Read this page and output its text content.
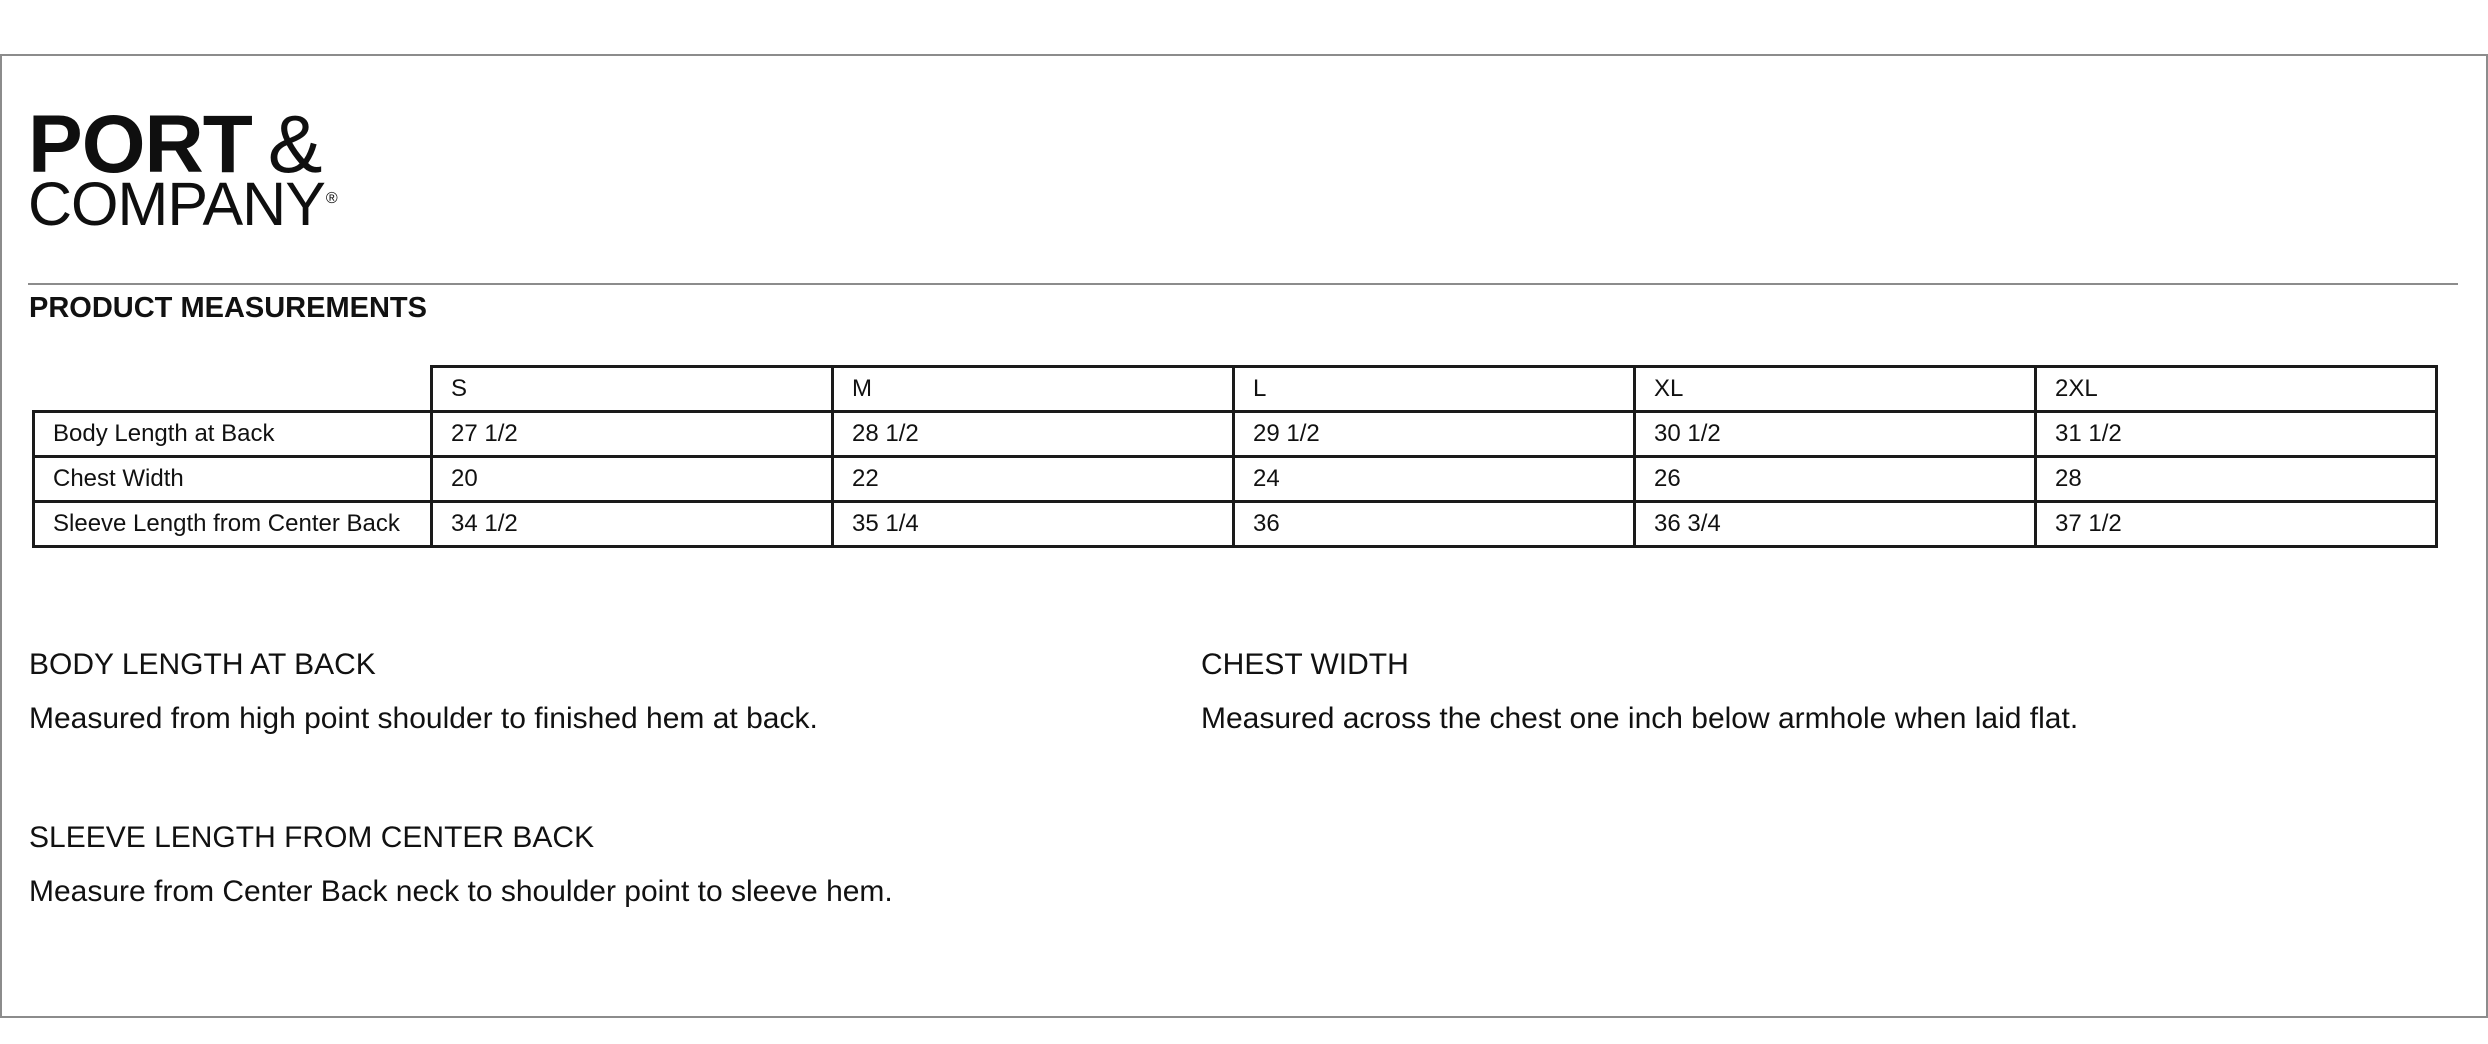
PORT &
COMPANY®
PRODUCT MEASUREMENTS
	S	M	L	XL	2XL
Body Length at Back	27 1/2	28 1/2	29 1/2	30 1/2	31 1/2
Chest Width	20	22	24	26	28
Sleeve Length from Center Back	34 1/2	35 1/4	36	36 3/4	37 1/2
BODY LENGTH AT BACK
Measured from high point shoulder to finished hem at back.
CHEST WIDTH
Measured across the chest one inch below armhole when laid flat.
SLEEVE LENGTH FROM CENTER BACK
Measure from Center Back neck to shoulder point to sleeve hem.
